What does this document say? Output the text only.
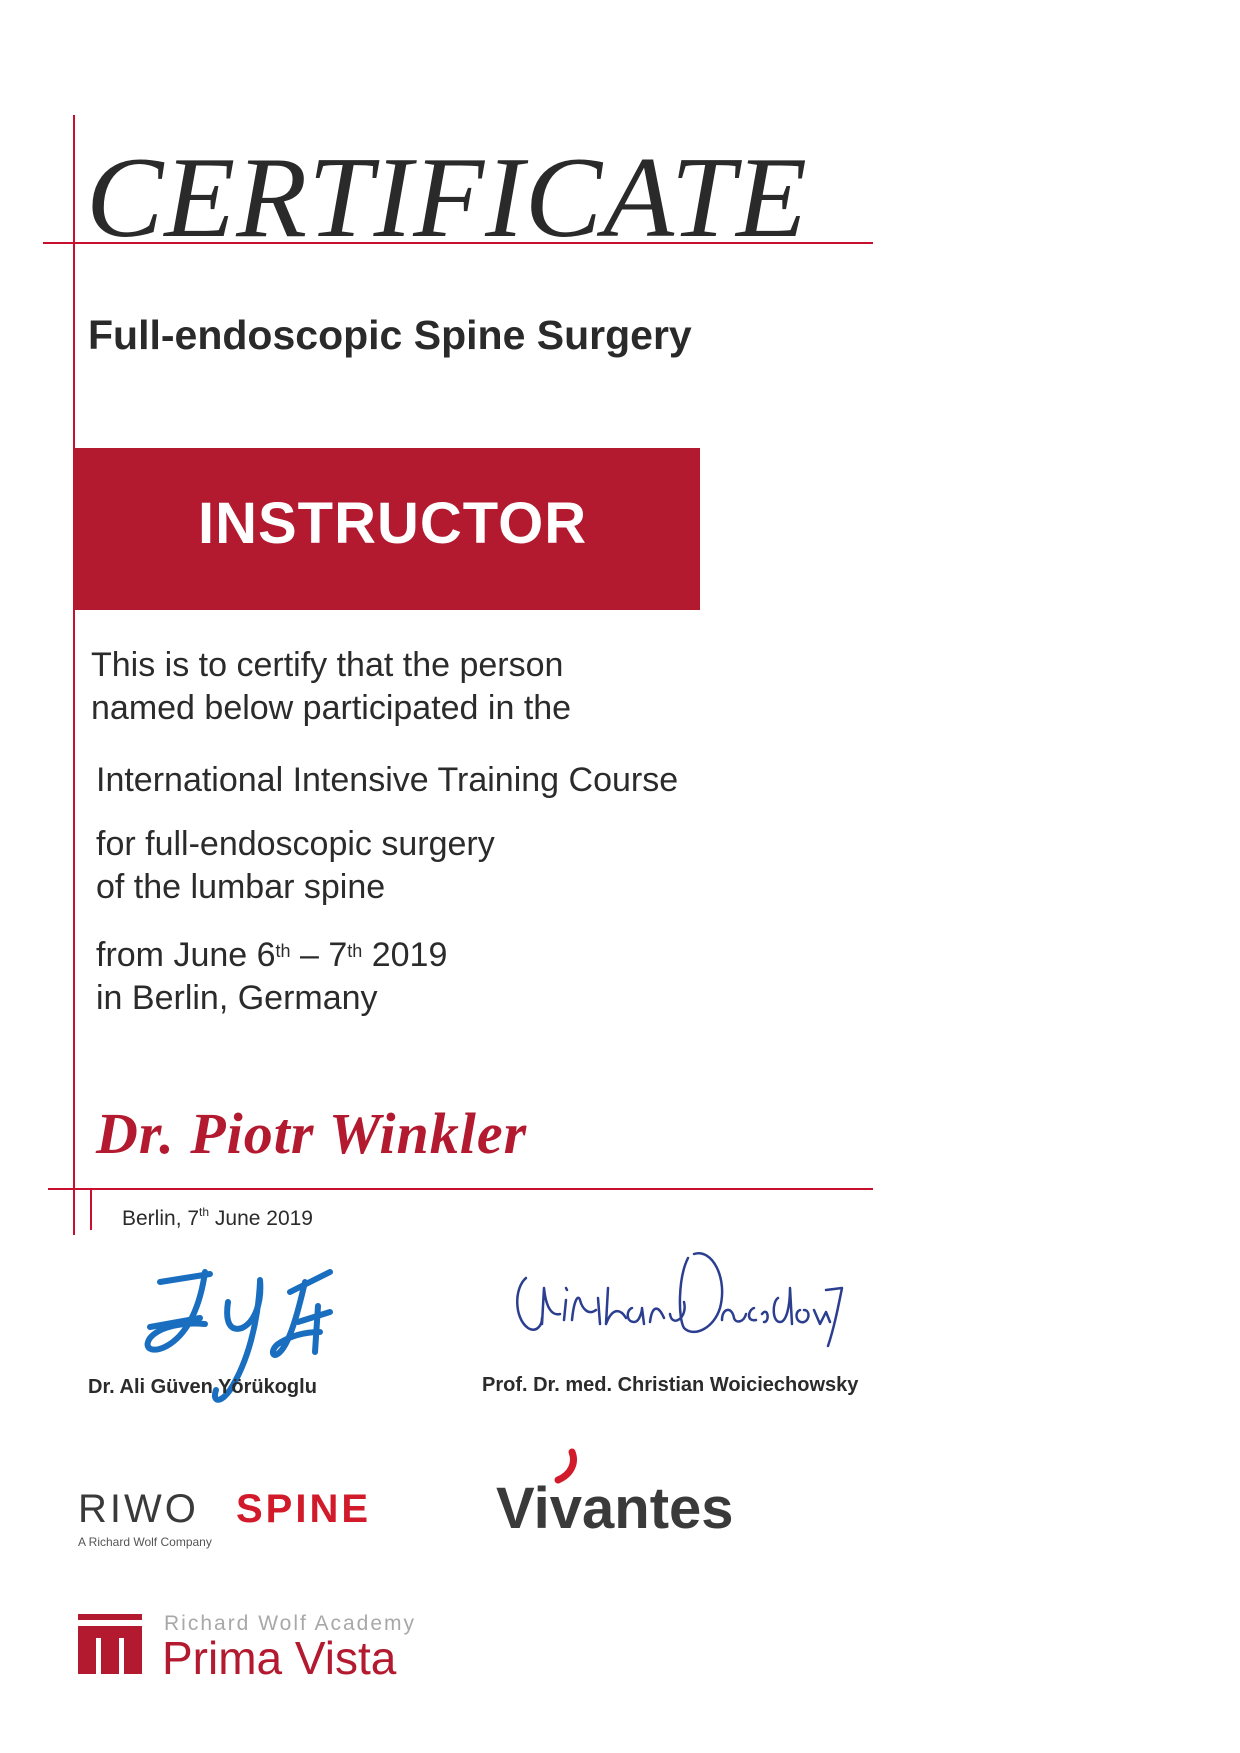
CERTIFICATE
Full-endoscopic Spine Surgery
INSTRUCTOR
This is to certify that the person
named below participated in the
International Intensive Training Course
for full-endoscopic surgery
of the lumbar spine
from June 6th – 7th 2019
in Berlin, Germany
Dr. Piotr Winkler
Berlin, 7th June 2019
Dr. Ali Güven Yörükoglu	Prof. Dr. med. Christian Woiciechowsky
RIWO SPINE
A Richard Wolf Company
Vivantes
Richard Wolf Academy
Prima Vista
